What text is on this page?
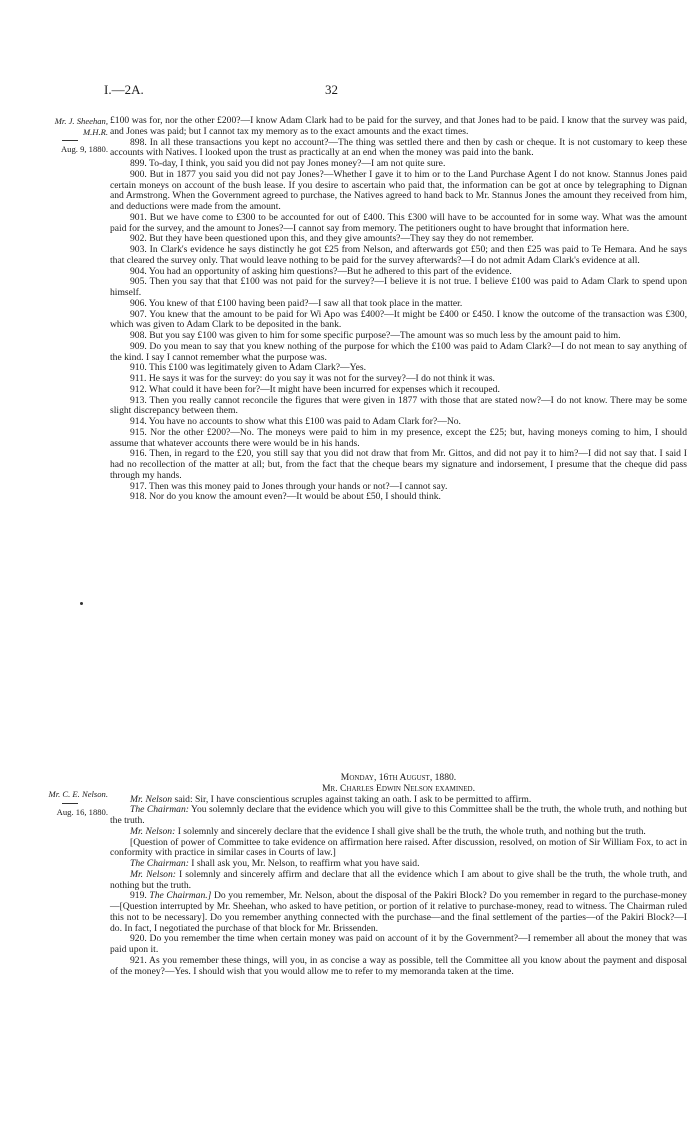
I.—2A.	32
Mr. J. Sheehan,
M.H.R.
Aug. 9, 1880.
Mr. C. E. Nelson.
Aug. 16, 1880.

£100 was for, nor the other £200?—I know Adam Clark had to be paid for the survey, and that Jones had to be paid. I know that the survey was paid, and Jones was paid; but I cannot tax my memory as to the exact amounts and the exact times.

898. In all these transactions you kept no account?—The thing was settled there and then by cash or cheque. It is not customary to keep these accounts with Natives. I looked upon the trust as practically at an end when the money was paid into the bank.

899. To-day, I think, you said you did not pay Jones money?—I am not quite sure.

900. But in 1877 you said you did not pay Jones?—Whether I gave it to him or to the Land Purchase Agent I do not know. Stannus Jones paid certain moneys on account of the bush lease. If you desire to ascertain who paid that, the information can be got at once by telegraphing to Dignan and Armstrong. When the Government agreed to purchase, the Natives agreed to hand back to Mr. Stannus Jones the amount they received from him, and deductions were made from the amount.

901. But we have come to £300 to be accounted for out of £400. This £300 will have to be accounted for in some way. What was the amount paid for the survey, and the amount to Jones?—I cannot say from memory. The petitioners ought to have brought that information here.

902. But they have been questioned upon this, and they give amounts?—They say they do not remember.

903. In Clark's evidence he says distinctly he got £25 from Nelson, and afterwards got £50; and then £25 was paid to Te Hemara. And he says that cleared the survey only. That would leave nothing to be paid for the survey afterwards?—I do not admit Adam Clark's evidence at all.

904. You had an opportunity of asking him questions?—But he adhered to this part of the evidence.

905. Then you say that that £100 was not paid for the survey?—I believe it is not true. I believe £100 was paid to Adam Clark to spend upon himself.

906. You knew of that £100 having been paid?—I saw all that took place in the matter.

907. You knew that the amount to be paid for Wi Apo was £400?—It might be £400 or £450. I know the outcome of the transaction was £300, which was given to Adam Clark to be deposited in the bank.

908. But you say £100 was given to him for some specific purpose?—The amount was so much less by the amount paid to him.

909. Do you mean to say that you knew nothing of the purpose for which the £100 was paid to Adam Clark?—I do not mean to say anything of the kind. I say I cannot remember what the purpose was.

910. This £100 was legitimately given to Adam Clark?—Yes.

911. He says it was for the survey: do you say it was not for the survey?—I do not think it was.

912. What could it have been for?—It might have been incurred for expenses which it recouped.

913. Then you really cannot reconcile the figures that were given in 1877 with those that are stated now?—I do not know. There may be some slight discrepancy between them.

914. You have no accounts to show what this £100 was paid to Adam Clark for?—No.

915. Nor the other £200?—No. The moneys were paid to him in my presence, except the £25; but, having moneys coming to him, I should assume that whatever accounts there were would be in his hands.

916. Then, in regard to the £20, you still say that you did not draw that from Mr. Gittos, and did not pay it to him?—I did not say that. I said I had no recollection of the matter at all; but, from the fact that the cheque bears my signature and indorsement, I presume that the cheque did pass through my hands.

917. Then was this money paid to Jones through your hands or not?—I cannot say.

918. Nor do you know the amount even?—It would be about £50, I should think.

Monday, 16th August, 1880.

Mr. Charles Edwin Nelson examined.

Mr. Nelson said: Sir, I have conscientious scruples against taking an oath. I ask to be permitted to affirm.

The Chairman: You solemnly declare that the evidence which you will give to this Committee shall be the truth, the whole truth, and nothing but the truth.

Mr. Nelson: I solemnly and sincerely declare that the evidence I shall give shall be the truth, the whole truth, and nothing but the truth.

[Question of power of Committee to take evidence on affirmation here raised. After discussion, resolved, on motion of Sir William Fox, to act in conformity with practice in similar cases in Courts of law.]

The Chairman: I shall ask you, Mr. Nelson, to reaffirm what you have said.

Mr. Nelson: I solemnly and sincerely affirm and declare that all the evidence which I am about to give shall be the truth, the whole truth, and nothing but the truth.

919. The Chairman.] Do you remember, Mr. Nelson, about the disposal of the Pakiri Block? Do you remember in regard to the purchase-money—[Question interrupted by Mr. Sheehan, who asked to have petition, or portion of it relative to purchase-money, read to witness. The Chairman ruled this not to be necessary]. Do you remember anything connected with the purchase—and the final settlement of the parties—of the Pakiri Block?—I do. In fact, I negotiated the purchase of that block for Mr. Brissenden.

920. Do you remember the time when certain money was paid on account of it by the Government?—I remember all about the money that was paid upon it.

921. As you remember these things, will you, in as concise a way as possible, tell the Committee all you know about the payment and disposal of the money?—Yes. I should wish that you would allow me to refer to my memoranda taken at the time.
